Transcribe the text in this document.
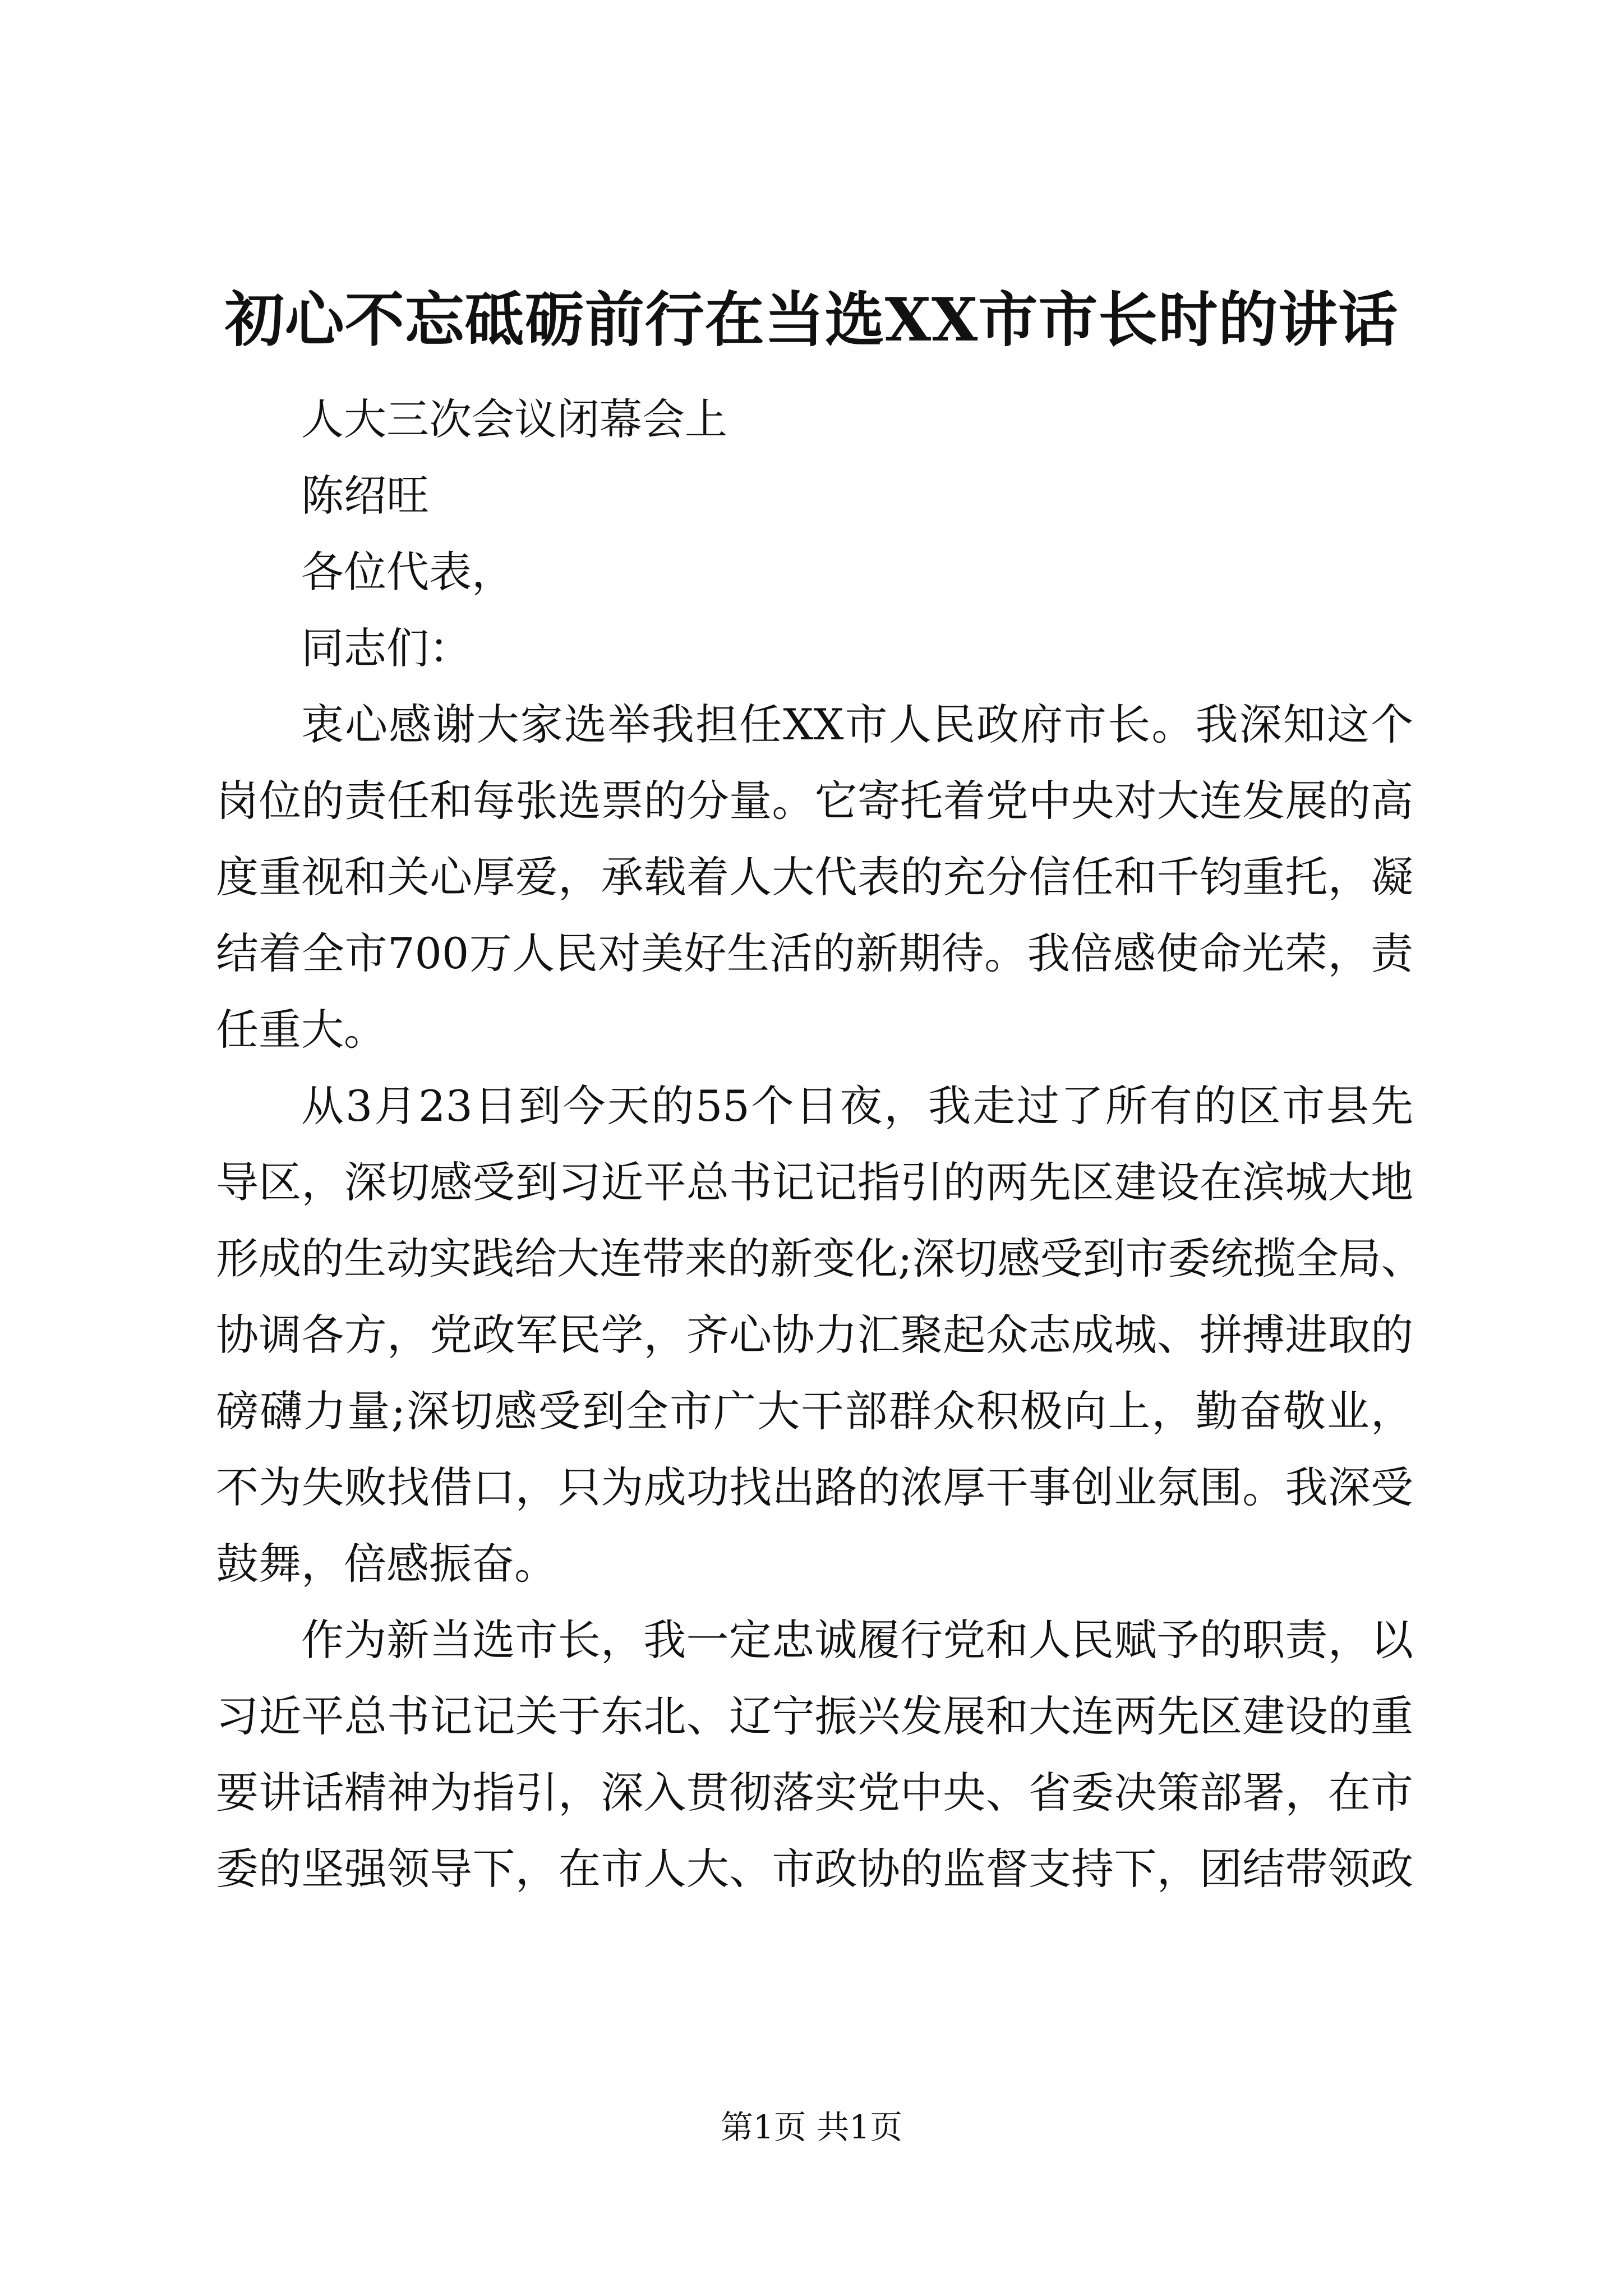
初心不忘砥砺前行在当选XX市市长时的讲话
人大三次会议闭幕会上
陈绍旺
各位代表，
同志们：
衷心感谢大家选举我担任XX市人民政府市长。我深知这个
岗位的责任和每张选票的分量。它寄托着党中央对大连发展的高
度重视和关心厚爱，承载着人大代表的充分信任和千钧重托，凝
结着全市700万人民对美好生活的新期待。我倍感使命光荣，责
任重大。
从3月23日到今天的55个日夜，我走过了所有的区市县先
导区，深切感受到习近平总书记记指引的两先区建设在滨城大地
形成的生动实践给大连带来的新变化;深切感受到市委统揽全局、
协调各方，党政军民学，齐心协力汇聚起众志成城、拼搏进取的
磅礴力量;深切感受到全市广大干部群众积极向上，勤奋敬业，
不为失败找借口，只为成功找出路的浓厚干事创业氛围。我深受
鼓舞，倍感振奋。
作为新当选市长，我一定忠诚履行党和人民赋予的职责，以
习近平总书记记关于东北、辽宁振兴发展和大连两先区建设的重
要讲话精神为指引，深入贯彻落实党中央、省委决策部署，在市
委的坚强领导下，在市人大、市政协的监督支持下，团结带领政
第1页 共1页
